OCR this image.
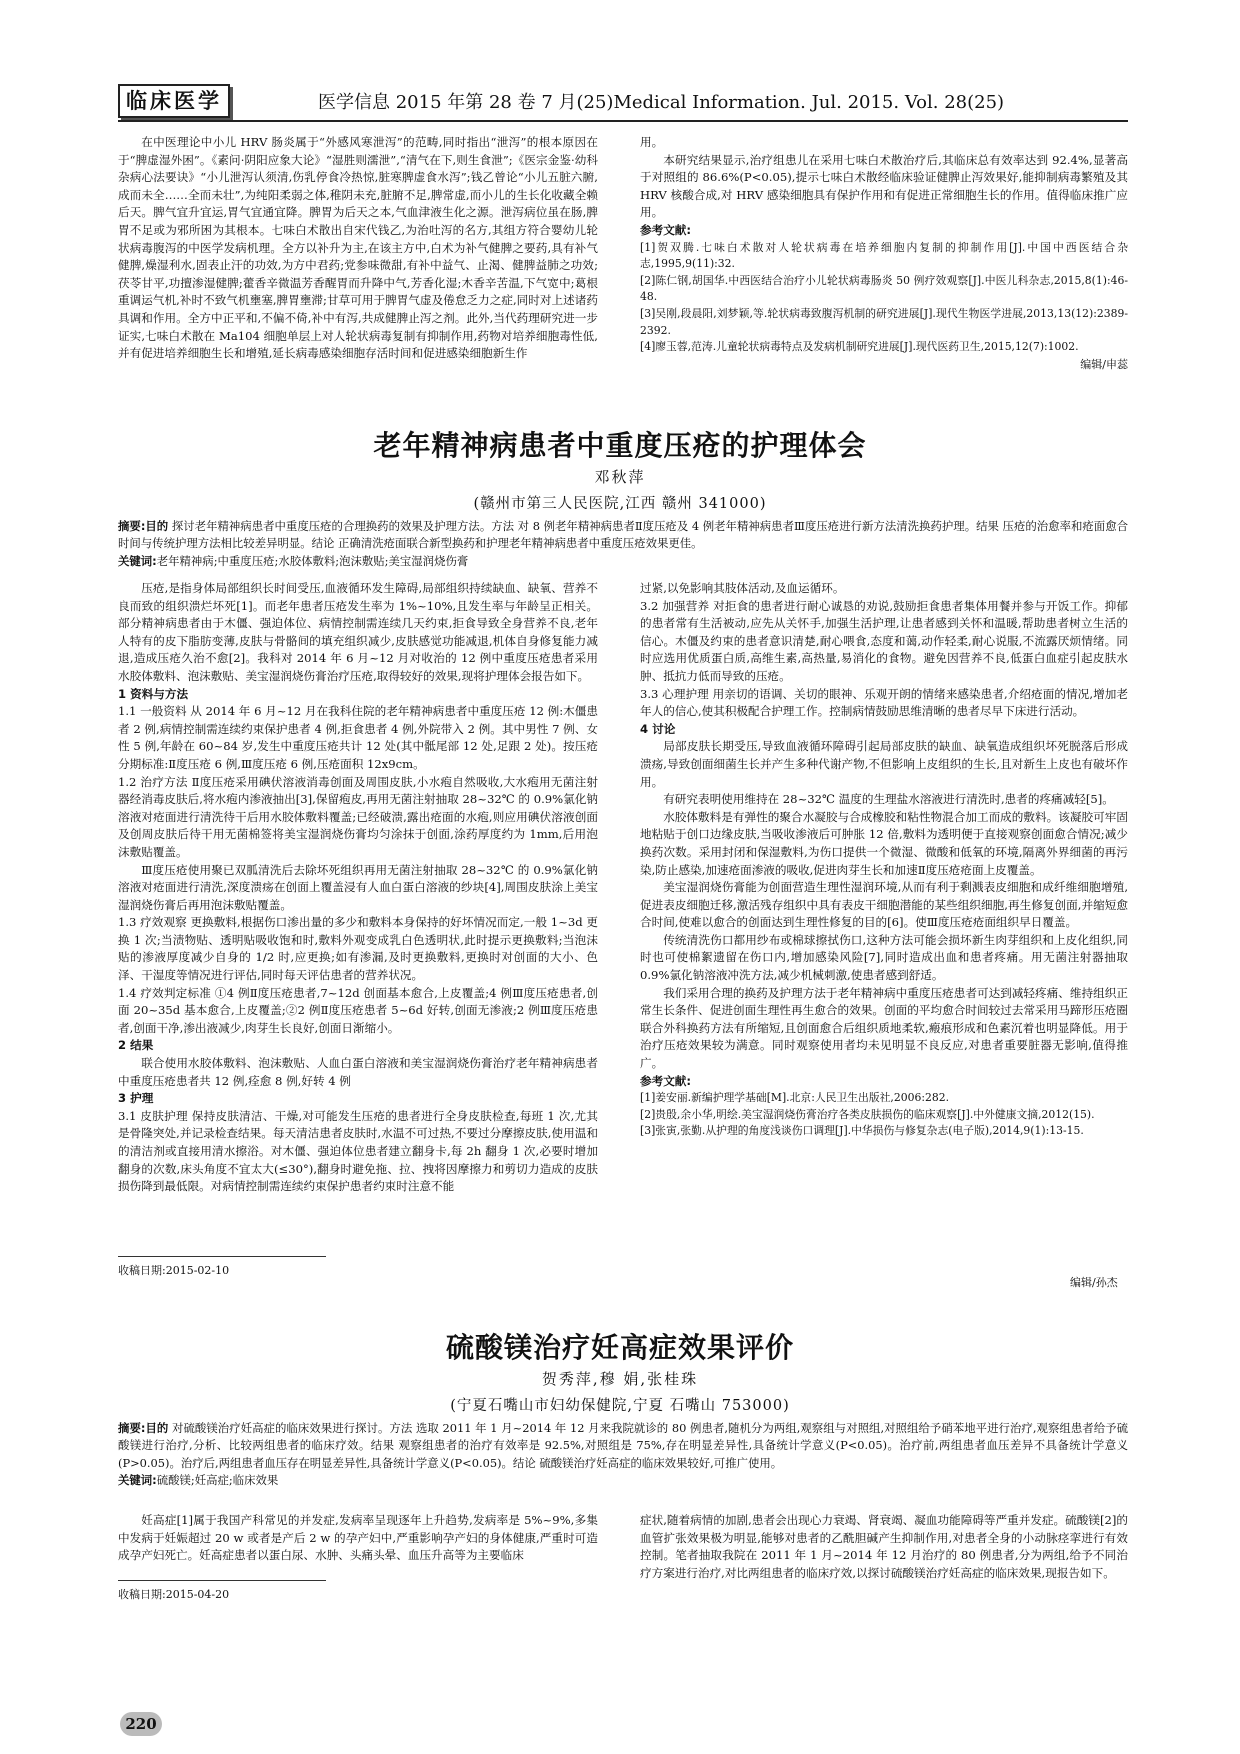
临床医学	医学信息 2015 年第 28 卷 7 月(25)Medical Information. Jul. 2015. Vol. 28(25)

在中医理论中小儿 HRV 肠炎属于“外感风寒泄泻”的范畴,同时指出“泄泻”的根本原因在于“脾虚湿外困”。《素问·阴阳应象大论》“湿胜则濡泄”,“清气在下,则生食泄”;《医宗金鉴·幼科杂病心法要诀》“小儿泄泻认须清,伤乳停食冷热惊,脏寒脾虚食水泻”;钱乙曾论“小儿五脏六腑,成而未全……全而未壮”,为纯阳柔弱之体,稚阴未充,脏腑不足,脾常虚,而小儿的生长化收藏全赖后天。脾气宜升宜运,胃气宜通宜降。脾胃为后天之本,气血津液生化之源。泄泻病位虽在肠,脾胃不足或为邪所困为其根本。七味白术散出自宋代钱乙,为治吐泻的名方,其组方符合婴幼儿轮状病毒腹泻的中医学发病机理。全方以补升为主,在该主方中,白术为补气健脾之要药,具有补气健脾,燥湿利水,固表止汗的功效,为方中君药;党参味微甜,有补中益气、止渴、健脾益肺之功效;茯苓甘平,功擅渗湿健脾;藿香辛微温芳香醒胃而升降中气,芳香化湿;木香辛苦温,下气宽中;葛根重调运气机,补时不致气机壅塞,脾胃壅滞;甘草可用于脾胃气虚及倦怠乏力之症,同时对上述诸药具调和作用。全方中正平和,不偏不倚,补中有泻,共成健脾止泻之剂。此外,当代药理研究进一步证实,七味白术散在 Ma104 细胞单层上对人轮状病毒复制有抑制作用,药物对培养细胞毒性低,并有促进培养细胞生长和增殖,延长病毒感染细胞存活时间和促进感染细胞新生作

用。

本研究结果显示,治疗组患儿在采用七味白术散治疗后,其临床总有效率达到 92.4%,显著高于对照组的 86.6%(P<0.05),提示七味白术散经临床验证健脾止泻效果好,能抑制病毒繁殖及其 HRV 核酸合成,对 HRV 感染细胞具有保护作用和有促进正常细胞生长的作用。值得临床推广应用。

参考文献:

[1]贺双腾.七味白术散对人轮状病毒在培养细胞内复制的抑制作用[J].中国中西医结合杂志,1995,9(11):32.

[2]陈仁钢,胡国华.中西医结合治疗小儿轮状病毒肠炎 50 例疗效观察[J].中医儿科杂志,2015,8(1):46-48.

[3]吴刚,段晨阳,刘梦颖,等.轮状病毒致腹泻机制的研究进展[J].现代生物医学进展,2013,13(12):2389-2392.

[4]廖玉蓉,范涛.儿童轮状病毒特点及发病机制研究进展[J].现代医药卫生,2015,12(7):1002.

编辑/申蕊

老年精神病患者中重度压疮的护理体会
邓秋萍
(赣州市第三人民医院,江西 赣州 341000)
摘要:目的 探讨老年精神病患者中重度压疮的合理换药的效果及护理方法。方法 对 8 例老年精神病患者Ⅱ度压疮及 4 例老年精神病患者Ⅲ度压疮进行新方法清洗换药护理。结果 压疮的治愈率和疮面愈合时间与传统护理方法相比较差异明显。结论 正确清洗疮面联合新型换药和护理老年精神病患者中重度压疮效果更佳。
关键词:老年精神病;中重度压疮;水胶体敷料;泡沫敷贴;美宝湿润烧伤膏

压疮,是指身体局部组织长时间受压,血液循环发生障碍,局部组织持续缺血、缺氧、营养不良而致的组织溃烂坏死[1]。而老年患者压疮发生率为 1%~10%,且发生率与年龄呈正相关。部分精神病患者由于木僵、强迫体位、病情控制需连续几天约束,拒食导致全身营养不良,老年人特有的皮下脂肪变薄,皮肤与骨骼间的填充组织减少,皮肤感觉功能减退,机体自身修复能力减退,造成压疮久治不愈[2]。我科对 2014 年 6 月~12 月对收治的 12 例中重度压疮患者采用水胶体敷料、泡沫敷贴、美宝湿润烧伤膏治疗压疮,取得较好的效果,现将护理体会报告如下。

1 资料与方法

1.1 一般资料 从 2014 年 6 月~12 月在我科住院的老年精神病患者中重度压疮 12 例:木僵患者 2 例,病情控制需连续约束保护患者 4 例,拒食患者 4 例,外院带入 2 例。其中男性 7 例、女性 5 例,年龄在 60~84 岁,发生中重度压疮共计 12 处(其中骶尾部 12 处,足跟 2 处)。按压疮分期标准:Ⅱ度压疮 6 例,Ⅲ度压疮 6 例,压疮面积 12x9cm。

1.2 治疗方法 Ⅱ度压疮采用碘伏溶液消毒创面及周围皮肤,小水疱自然吸收,大水疱用无菌注射器经消毒皮肤后,将水疱内渗液抽出[3],保留疱皮,再用无菌注射抽取 28~32℃ 的 0.9%氯化钠溶液对疮面进行清洗待干后用水胶体敷料覆盖;已经破溃,露出疮面的水疱,则应用碘伏溶液创面及创周皮肤后待干用无菌棉签将美宝湿润烧伤膏均匀涂抹于创面,涂药厚度约为 1mm,后用泡沫敷贴覆盖。

Ⅲ度压疮使用聚已双胍清洗后去除坏死组织再用无菌注射抽取 28~32℃ 的 0.9%氯化钠溶液对疮面进行清洗,深度溃疡在创面上覆盖浸有人血白蛋白溶液的纱块[4],周围皮肤涂上美宝湿润烧伤膏后再用泡沫敷贴覆盖。

1.3 疗效观察 更换敷料,根据伤口渗出量的多少和敷料本身保持的好坏情况而定,一般 1~3d 更换 1 次;当渍物贴、透明贴吸收饱和时,敷料外观变成乳白色透明状,此时提示更换敷料;当泡沫贴的渗液厚度减少自身的 1/2 时,应更换;如有渗漏,及时更换敷料,更换时对创面的大小、色泽、干湿度等情况进行评估,同时每天评估患者的营养状况。

1.4 疗效判定标准 ①4 例Ⅱ度压疮患者,7~12d 创面基本愈合,上皮覆盖;4 例Ⅲ度压疮患者,创面 20~35d 基本愈合,上皮覆盖;②2 例Ⅱ度压疮患者 5~6d 好转,创面无渗液;2 例Ⅲ度压疮患者,创面干净,渗出液减少,肉芽生长良好,创面日渐缩小。

2 结果

联合使用水胶体敷料、泡沫敷贴、人血白蛋白溶液和美宝湿润烧伤膏治疗老年精神病患者中重度压疮患者共 12 例,痊愈 8 例,好转 4 例

3 护理

3.1 皮肤护理 保持皮肤清洁、干燥,对可能发生压疮的患者进行全身皮肤检查,每班 1 次,尤其是骨隆突处,并记录检查结果。每天清洁患者皮肤时,水温不可过热,不要过分摩擦皮肤,使用温和的清洁剂或直接用清水擦浴。对木僵、强迫体位患者建立翻身卡,每 2h 翻身 1 次,必要时增加翻身的次数,床头角度不宜太大(≤30°),翻身时避免拖、拉、拽将因摩擦力和剪切力造成的皮肤损伤降到最低限。对病情控制需连续约束保护患者约束时注意不能

收稿日期:2015-02-10

过紧,以免影响其肢体活动,及血运循环。

3.2 加强营养 对拒食的患者进行耐心诚恳的劝说,鼓励拒食患者集体用餐并参与开饭工作。抑郁的患者常有生活被动,应先从关怀手,加强生活护理,让患者感到关怀和温暖,帮助患者树立生活的信心。木僵及约束的患者意识清楚,耐心喂食,态度和蔼,动作轻柔,耐心说服,不流露厌烦情绪。同时应选用优质蛋白质,高维生素,高热量,易消化的食物。避免因营养不良,低蛋白血症引起皮肤水肿、抵抗力低而导致的压疮。

3.3 心理护理 用亲切的语调、关切的眼神、乐观开朗的情绪来感染患者,介绍疮面的情况,增加老年人的信心,使其积极配合护理工作。控制病情鼓励思维清晰的患者尽早下床进行活动。

4 讨论

局部皮肤长期受压,导致血液循环障碍引起局部皮肤的缺血、缺氧造成组织坏死脱落后形成溃疡,导致创面细菌生长并产生多种代谢产物,不但影响上皮组织的生长,且对新生上皮也有破坏作用。

有研究表明使用维持在 28~32℃ 温度的生理盐水溶液进行清洗时,患者的疼痛减轻[5]。

水胶体敷料是有弹性的聚合水凝胶与合成橡胶和粘性物混合加工而成的敷料。该凝胶可牢固地粘贴于创口边缘皮肤,当吸收渗液后可肿胀 12 倍,敷料为透明便于直接观察创面愈合情况;减少换药次数。采用封闭和保湿敷料,为伤口提供一个微湿、微酸和低氧的环境,隔离外界细菌的再污染,防止感染,加速疮面渗液的吸收,促进肉芽生长和加速Ⅱ度压疮疮面上皮覆盖。

美宝湿润烧伤膏能为创面营造生理性湿润环境,从而有利于剩溅表皮细胞和成纤维细胞增殖,促进表皮细胞迁移,激活残存组织中具有表皮干细胞潜能的某些组织细胞,再生修复创面,并缩短愈合时间,使难以愈合的创面达到生理性修复的目的[6]。使Ⅲ度压疮疮面组织早日覆盖。

传统清洗伤口都用纱布或棉球擦拭伤口,这种方法可能会损坏新生肉芽组织和上皮化组织,同时也可使棉絮遗留在伤口内,增加感染风险[7],同时造成出血和患者疼痛。用无菌注射器抽取 0.9%氯化钠溶液冲洗方法,减少机械刺激,使患者感到舒适。

我们采用合理的换药及护理方法于老年精神病中重度压疮患者可达到减轻疼痛、维持组织正常生长条件、促进创面生理性再生愈合的效果。创面的平均愈合时间较过去常采用马蹄形压疮圈联合外科换药方法有所缩短,且创面愈合后组织质地柔软,瘢痕形成和色素沉着也明显降低。用于治疗压疮效果较为满意。同时观察使用者均未见明显不良反应,对患者重要脏器无影响,值得推广。

参考文献:

[1]姜安丽.新编护理学基础[M].北京:人民卫生出版社,2006:282.

[2]贵殷,余小华,明绘.美宝湿润烧伤膏治疗各类皮肤损伤的临床观察[J].中外健康文摘,2012(15).

[3]张寅,张勤.从护理的角度浅谈伤口调理[J].中华损伤与修复杂志(电子版),2014,9(1):13-15.

编辑/孙杰
硫酸镁治疗妊高症效果评价
贺秀萍,穆 娟,张桂珠
(宁夏石嘴山市妇幼保健院,宁夏 石嘴山 753000)
摘要:目的 对硫酸镁治疗妊高症的临床效果进行探讨。方法 选取 2011 年 1 月~2014 年 12 月来我院就诊的 80 例患者,随机分为两组,观察组与对照组,对照组给予硝苯地平进行治疗,观察组患者给予硫酸镁进行治疗,分析、比较两组患者的临床疗效。结果 观察组患者的治疗有效率是 92.5%,对照组是 75%,存在明显差异性,具备统计学意义(P<0.05)。治疗前,两组患者血压差异不具备统计学意义(P>0.05)。治疗后,两组患者血压存在明显差异性,具备统计学意义(P<0.05)。结论 硫酸镁治疗妊高症的临床效果较好,可推广使用。
关键词:硫酸镁;妊高症;临床效果

妊高症[1]属于我国产科常见的并发症,发病率呈现逐年上升趋势,发病率是 5%~9%,多集中发病于妊娠超过 20 w 或者是产后 2 w 的孕产妇中,严重影响孕产妇的身体健康,严重时可造成孕产妇死亡。妊高症患者以蛋白尿、水肿、头痛头晕、血压升高等为主要临床

症状,随着病情的加剧,患者会出现心力衰竭、肾衰竭、凝血功能障碍等严重并发症。硫酸镁[2]的血管扩张效果极为明显,能够对患者的乙酰胆碱产生抑制作用,对患者全身的小动脉痉挛进行有效控制。笔者抽取我院在 2011 年 1 月~2014 年 12 月治疗的 80 例患者,分为两组,给予不同治疗方案进行治疗,对比两组患者的临床疗效,以探讨硫酸镁治疗妊高症的临床效果,现报告如下。

收稿日期:2015-04-20
220
